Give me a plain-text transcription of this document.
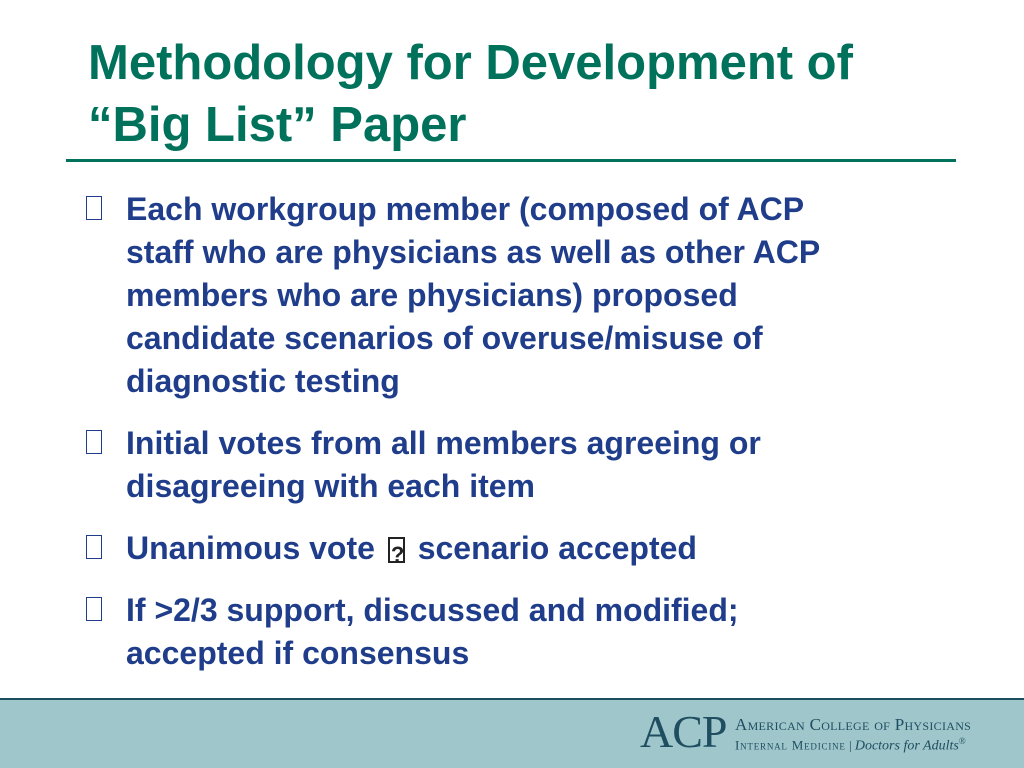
Methodology for Development of
“Big List” Paper
Each workgroup member (composed of ACP
staff who are physicians as well as other ACP
members who are physicians) proposed
candidate scenarios of overuse/misuse of
diagnostic testing
Initial votes from all members agreeing or
disagreeing with each item
Unanimous vote ? scenario accepted
If >2/3 support, discussed and modified;
accepted if consensus
ACP American College of Physicians
Internal Medicine | Doctors for Adults®
